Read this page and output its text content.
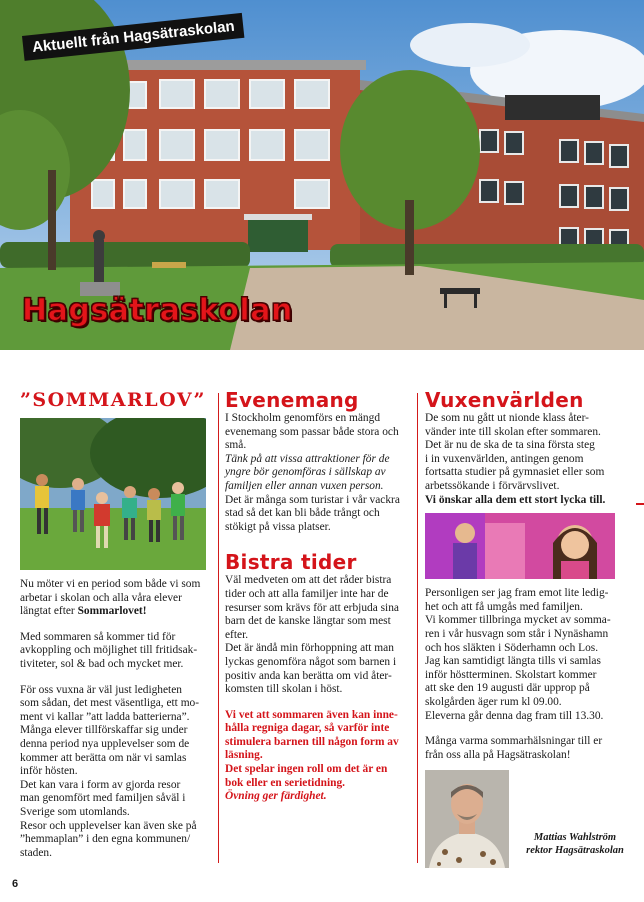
Aktuellt från Hagsätraskolan
Hagsätraskolan
”SOMMARLOV”

Nu möter vi en period som både vi som
arbetar i skolan och alla våra elever
längtat efter Sommarlovet!

Med sommaren så kommer tid för
avkoppling och möjlighet till fritidsak-
tiviteter, sol & bad och mycket mer.

För oss vuxna är väl just ledigheten
som sådan, det mest väsentliga, ett mo-
ment vi kallar ”att ladda batterierna”.
Många elever tillförskaffar sig under
denna period nya upplevelser som de
kommer att berätta om när vi samlas
inför hösten.
Det kan vara i form av gjorda resor
man genomfört med familjen såväl i
Sverige som utomlands.
Resor och upplevelser kan även ske på
”hemmaplan” i den egna kommunen/
staden.

Evenemang

I Stockholm genomförs en mängd
evenemang som passar både stora och
små.
Tänk på att vissa attraktioner för de
yngre bör genomföras i sällskap av
familjen eller annan vuxen person.
Det är många som turistar i vår vackra
stad så det kan bli både trångt och
stökigt på vissa platser.

Bistra tider

Väl medveten om att det råder bistra
tider och att alla familjer inte har de
resurser som krävs för att erbjuda sina
barn det de kanske längtar som mest
efter.
Det är ändå min förhoppning att man
lyckas genomföra något som barnen i
positiv anda kan berätta om vid åter-
komsten till skolan i höst.

Vi vet att sommaren även kan inne-
hålla regniga dagar, så varför inte
stimulera barnen till någon form av
läsning.
Det spelar ingen roll om det är en
bok eller en serietidning.
Övning ger färdighet.

Vuxenvärlden

De som nu gått ut nionde klass åter-
vänder inte till skolan efter sommaren.
Det är nu de ska de ta sina första steg
i in vuxenvärlden, antingen genom
fortsatta studier på gymnasiet eller som
arbetssökande i förvärvslivet.
Vi önskar alla dem ett stort lycka till.

Personligen ser jag fram emot lite ledig-
het och att få umgås med familjen.
Vi kommer tillbringa mycket av somma-
ren i vår husvagn som står i Nynäshamn
och hos släkten i Söderhamn och Los.
Jag kan samtidigt längta tills vi samlas
inför höstterminen. Skolstart kommer
att ske den 19 augusti där upprop på
skolgården äger rum kl 09.00.
Eleverna går denna dag fram till 13.30.

Många varma sommarhälsningar till er
från oss alla på Hagsätraskolan!

Mattias Wahlström
rektor Hagsätraskolan
6
